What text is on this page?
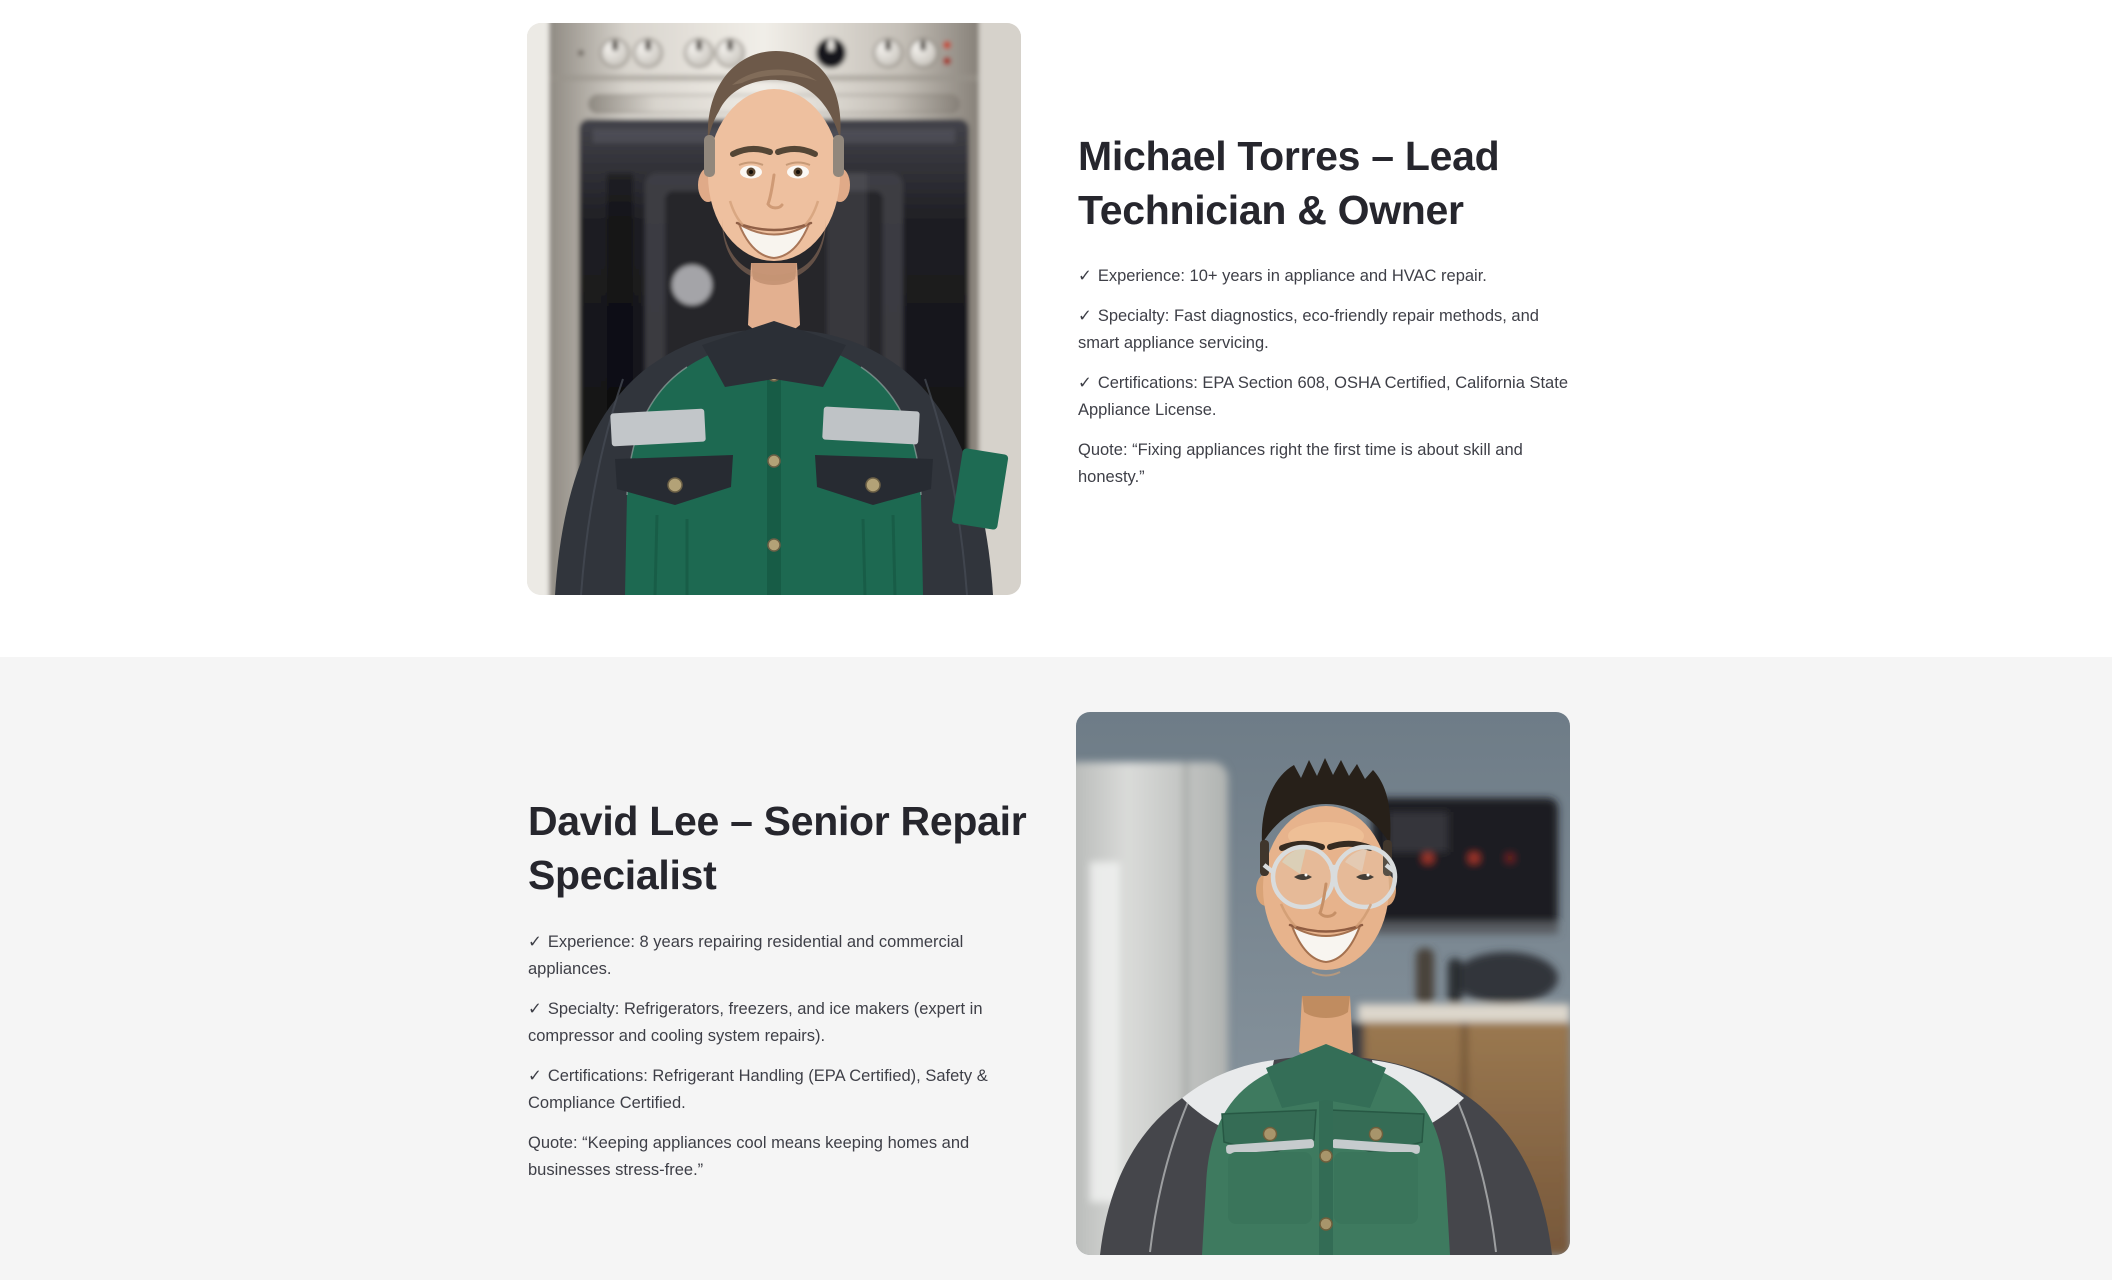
Michael Torres – Lead
Technician & Owner

✓ Experience: 10+ years in appliance and HVAC repair.

✓ Specialty: Fast diagnostics, eco-friendly repair methods, and
smart appliance servicing.

✓ Certifications: EPA Section 608, OSHA Certified, California State
Appliance License.

Quote: “Fixing appliances right the first time is about skill and
honesty.”

David Lee – Senior Repair
Specialist

✓ Experience: 8 years repairing residential and commercial
appliances.

✓ Specialty: Refrigerators, freezers, and ice makers (expert in
compressor and cooling system repairs).

✓ Certifications: Refrigerant Handling (EPA Certified), Safety &
Compliance Certified.

Quote: “Keeping appliances cool means keeping homes and
businesses stress-free.”
